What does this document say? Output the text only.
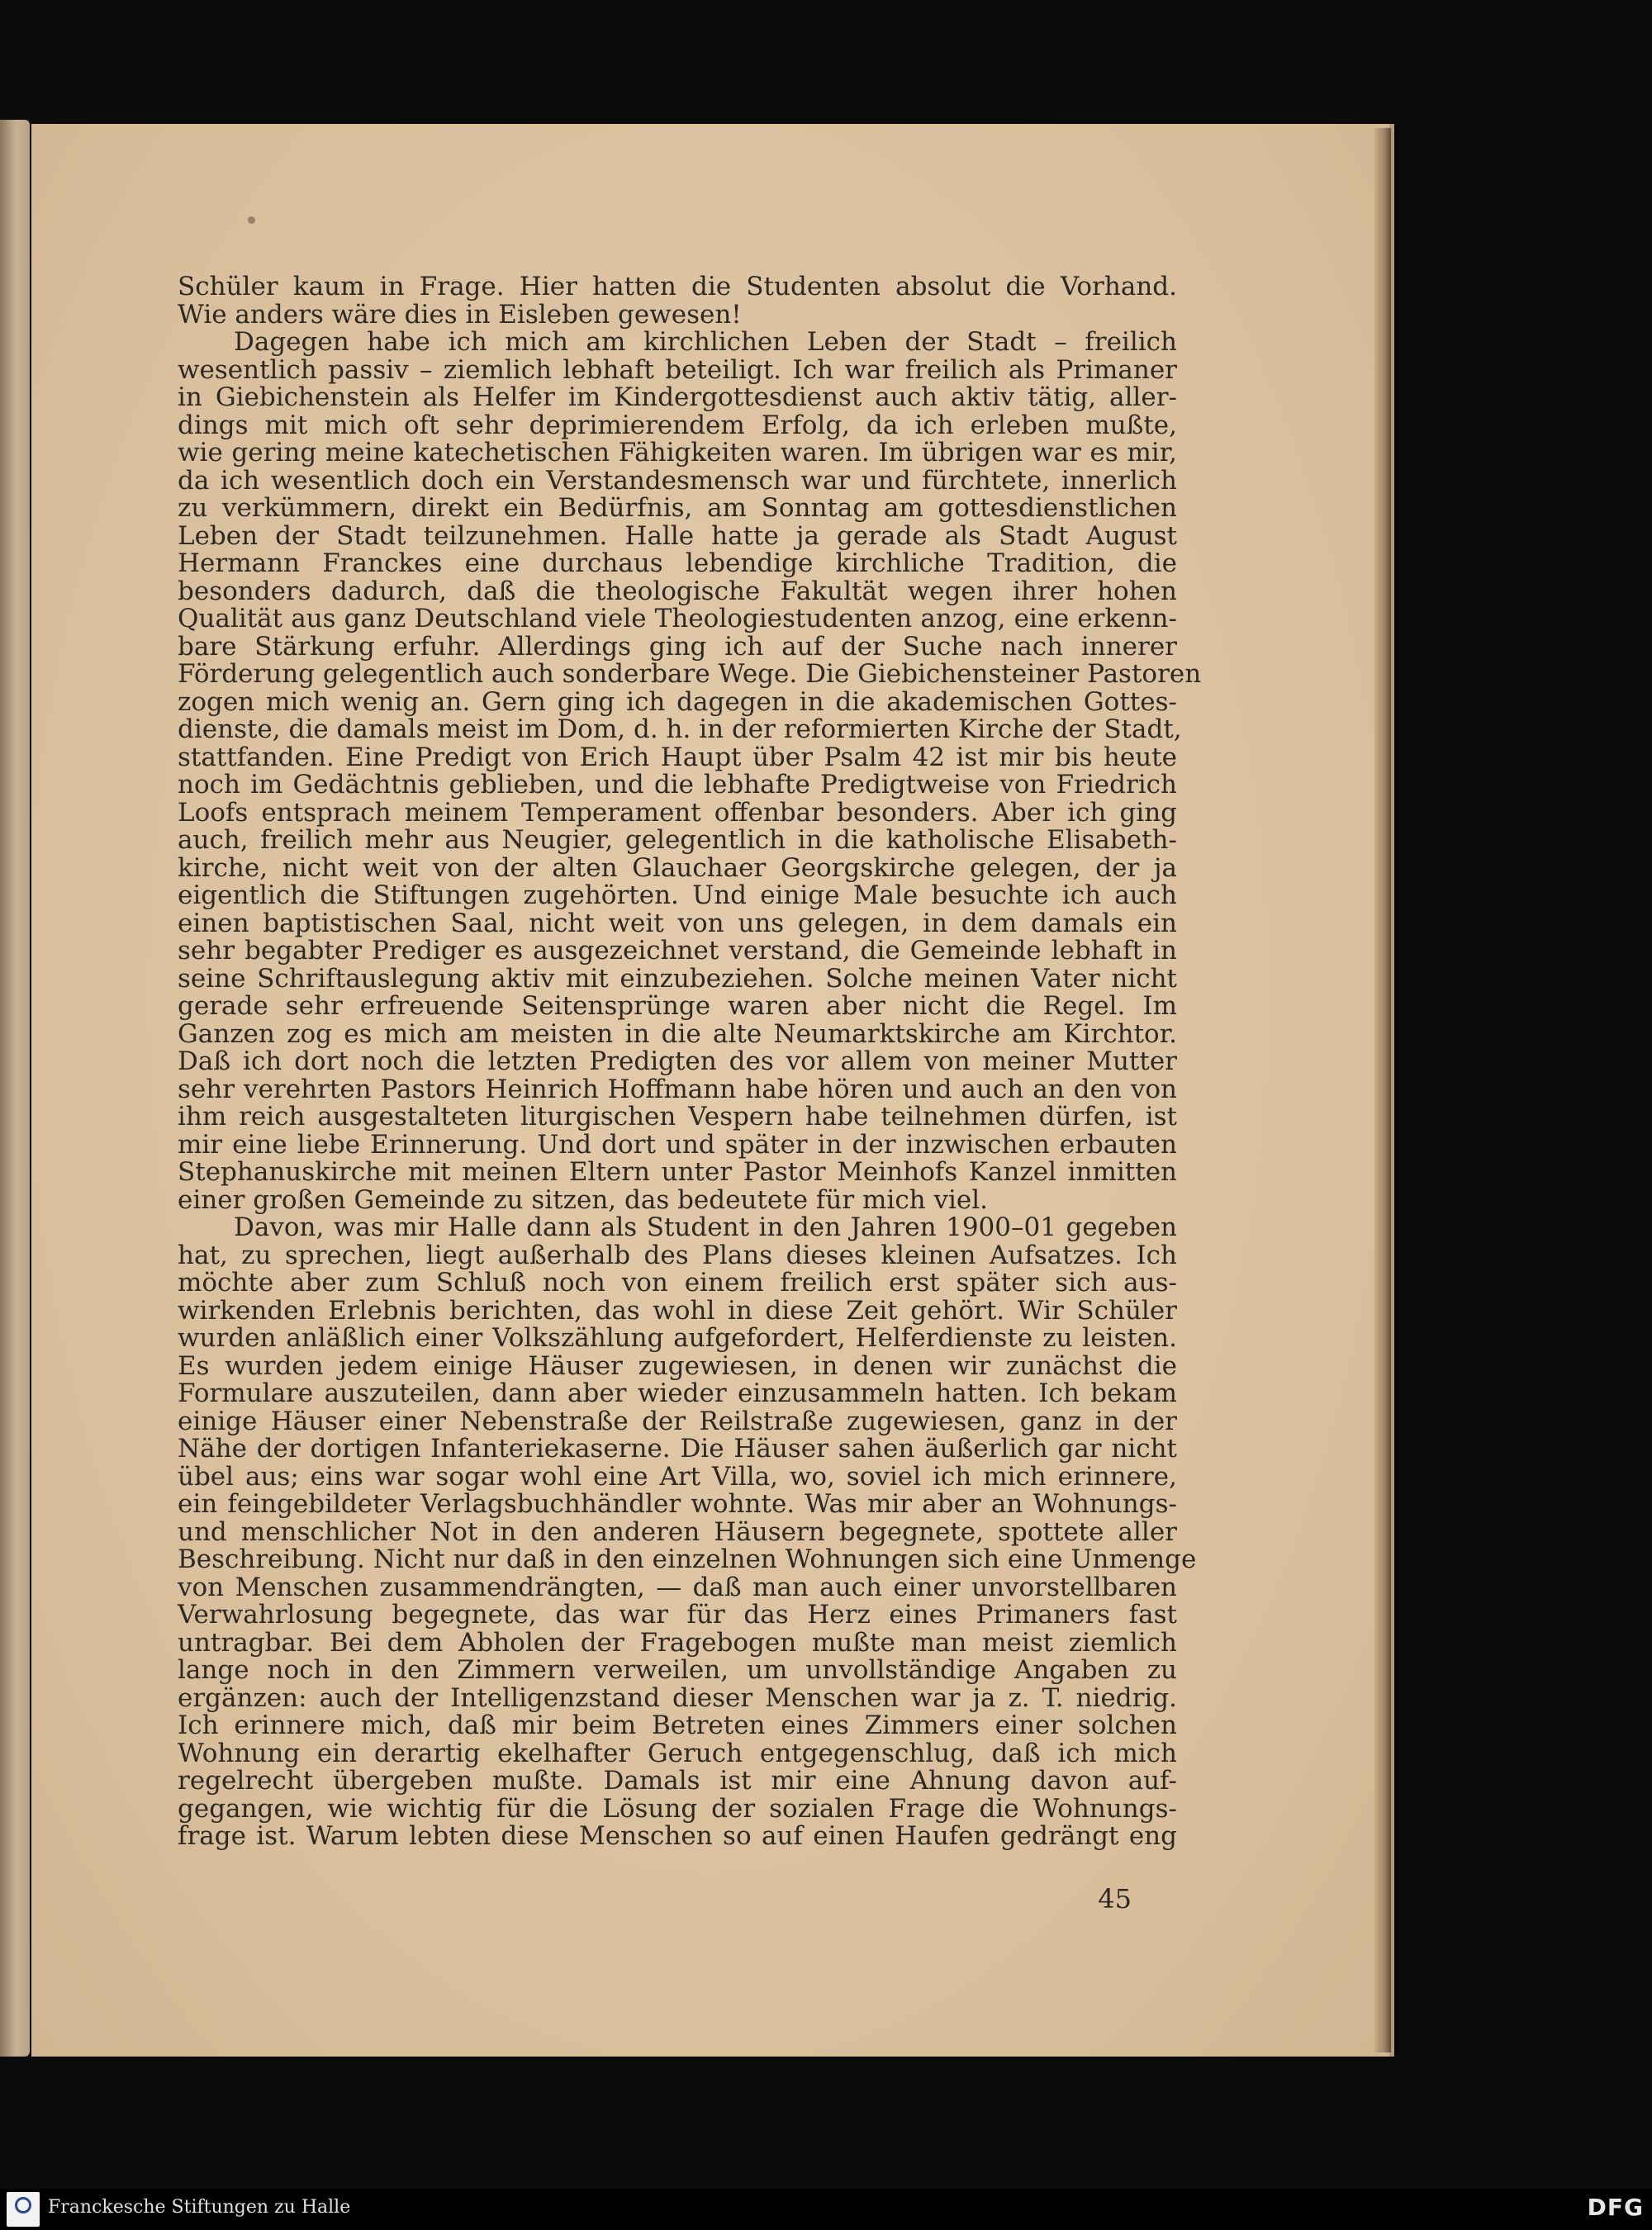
Schüler kaum in Frage. Hier hatten die Studenten absolut die Vorhand.
Wie anders wäre dies in Eisleben gewesen!
Dagegen habe ich mich am kirchlichen Leben der Stadt – freilich
wesentlich passiv – ziemlich lebhaft beteiligt. Ich war freilich als Primaner
in Giebichenstein als Helfer im Kindergottesdienst auch aktiv tätig, aller-
dings mit mich oft sehr deprimierendem Erfolg, da ich erleben mußte,
wie gering meine katechetischen Fähigkeiten waren. Im übrigen war es mir,
da ich wesentlich doch ein Verstandesmensch war und fürchtete, innerlich
zu verkümmern, direkt ein Bedürfnis, am Sonntag am gottesdienstlichen
Leben der Stadt teilzunehmen. Halle hatte ja gerade als Stadt August
Hermann Franckes eine durchaus lebendige kirchliche Tradition, die
besonders dadurch, daß die theologische Fakultät wegen ihrer hohen
Qualität aus ganz Deutschland viele Theologiestudenten anzog, eine erkenn-
bare Stärkung erfuhr. Allerdings ging ich auf der Suche nach innerer
Förderung gelegentlich auch sonderbare Wege. Die Giebichensteiner Pastoren
zogen mich wenig an. Gern ging ich dagegen in die akademischen Gottes-
dienste, die damals meist im Dom, d. h. in der reformierten Kirche der Stadt,
stattfanden. Eine Predigt von Erich Haupt über Psalm 42 ist mir bis heute
noch im Gedächtnis geblieben, und die lebhafte Predigtweise von Friedrich
Loofs entsprach meinem Temperament offenbar besonders. Aber ich ging
auch, freilich mehr aus Neugier, gelegentlich in die katholische Elisabeth-
kirche, nicht weit von der alten Glauchaer Georgskirche gelegen, der ja
eigentlich die Stiftungen zugehörten. Und einige Male besuchte ich auch
einen baptistischen Saal, nicht weit von uns gelegen, in dem damals ein
sehr begabter Prediger es ausgezeichnet verstand, die Gemeinde lebhaft in
seine Schriftauslegung aktiv mit einzubeziehen. Solche meinen Vater nicht
gerade sehr erfreuende Seitensprünge waren aber nicht die Regel. Im
Ganzen zog es mich am meisten in die alte Neumarktskirche am Kirchtor.
Daß ich dort noch die letzten Predigten des vor allem von meiner Mutter
sehr verehrten Pastors Heinrich Hoffmann habe hören und auch an den von
ihm reich ausgestalteten liturgischen Vespern habe teilnehmen dürfen, ist
mir eine liebe Erinnerung. Und dort und später in der inzwischen erbauten
Stephanuskirche mit meinen Eltern unter Pastor Meinhofs Kanzel inmitten
einer großen Gemeinde zu sitzen, das bedeutete für mich viel.
Davon, was mir Halle dann als Student in den Jahren 1900–01 gegeben
hat, zu sprechen, liegt außerhalb des Plans dieses kleinen Aufsatzes. Ich
möchte aber zum Schluß noch von einem freilich erst später sich aus-
wirkenden Erlebnis berichten, das wohl in diese Zeit gehört. Wir Schüler
wurden anläßlich einer Volkszählung aufgefordert, Helferdienste zu leisten.
Es wurden jedem einige Häuser zugewiesen, in denen wir zunächst die
Formulare auszuteilen, dann aber wieder einzusammeln hatten. Ich bekam
einige Häuser einer Nebenstraße der Reilstraße zugewiesen, ganz in der
Nähe der dortigen Infanteriekaserne. Die Häuser sahen äußerlich gar nicht
übel aus; eins war sogar wohl eine Art Villa, wo, soviel ich mich erinnere,
ein feingebildeter Verlagsbuchhändler wohnte. Was mir aber an Wohnungs-
und menschlicher Not in den anderen Häusern begegnete, spottete aller
Beschreibung. Nicht nur daß in den einzelnen Wohnungen sich eine Unmenge
von Menschen zusammendrängten, — daß man auch einer unvorstellbaren
Verwahrlosung begegnete, das war für das Herz eines Primaners fast
untragbar. Bei dem Abholen der Fragebogen mußte man meist ziemlich
lange noch in den Zimmern verweilen, um unvollständige Angaben zu
ergänzen: auch der Intelligenzstand dieser Menschen war ja z. T. niedrig.
Ich erinnere mich, daß mir beim Betreten eines Zimmers einer solchen
Wohnung ein derartig ekelhafter Geruch entgegenschlug, daß ich mich
regelrecht übergeben mußte. Damals ist mir eine Ahnung davon auf-
gegangen, wie wichtig für die Lösung der sozialen Frage die Wohnungs-
frage ist. Warum lebten diese Menschen so auf einen Haufen gedrängt eng
45
Franckesche Stiftungen zu Halle	DFG
